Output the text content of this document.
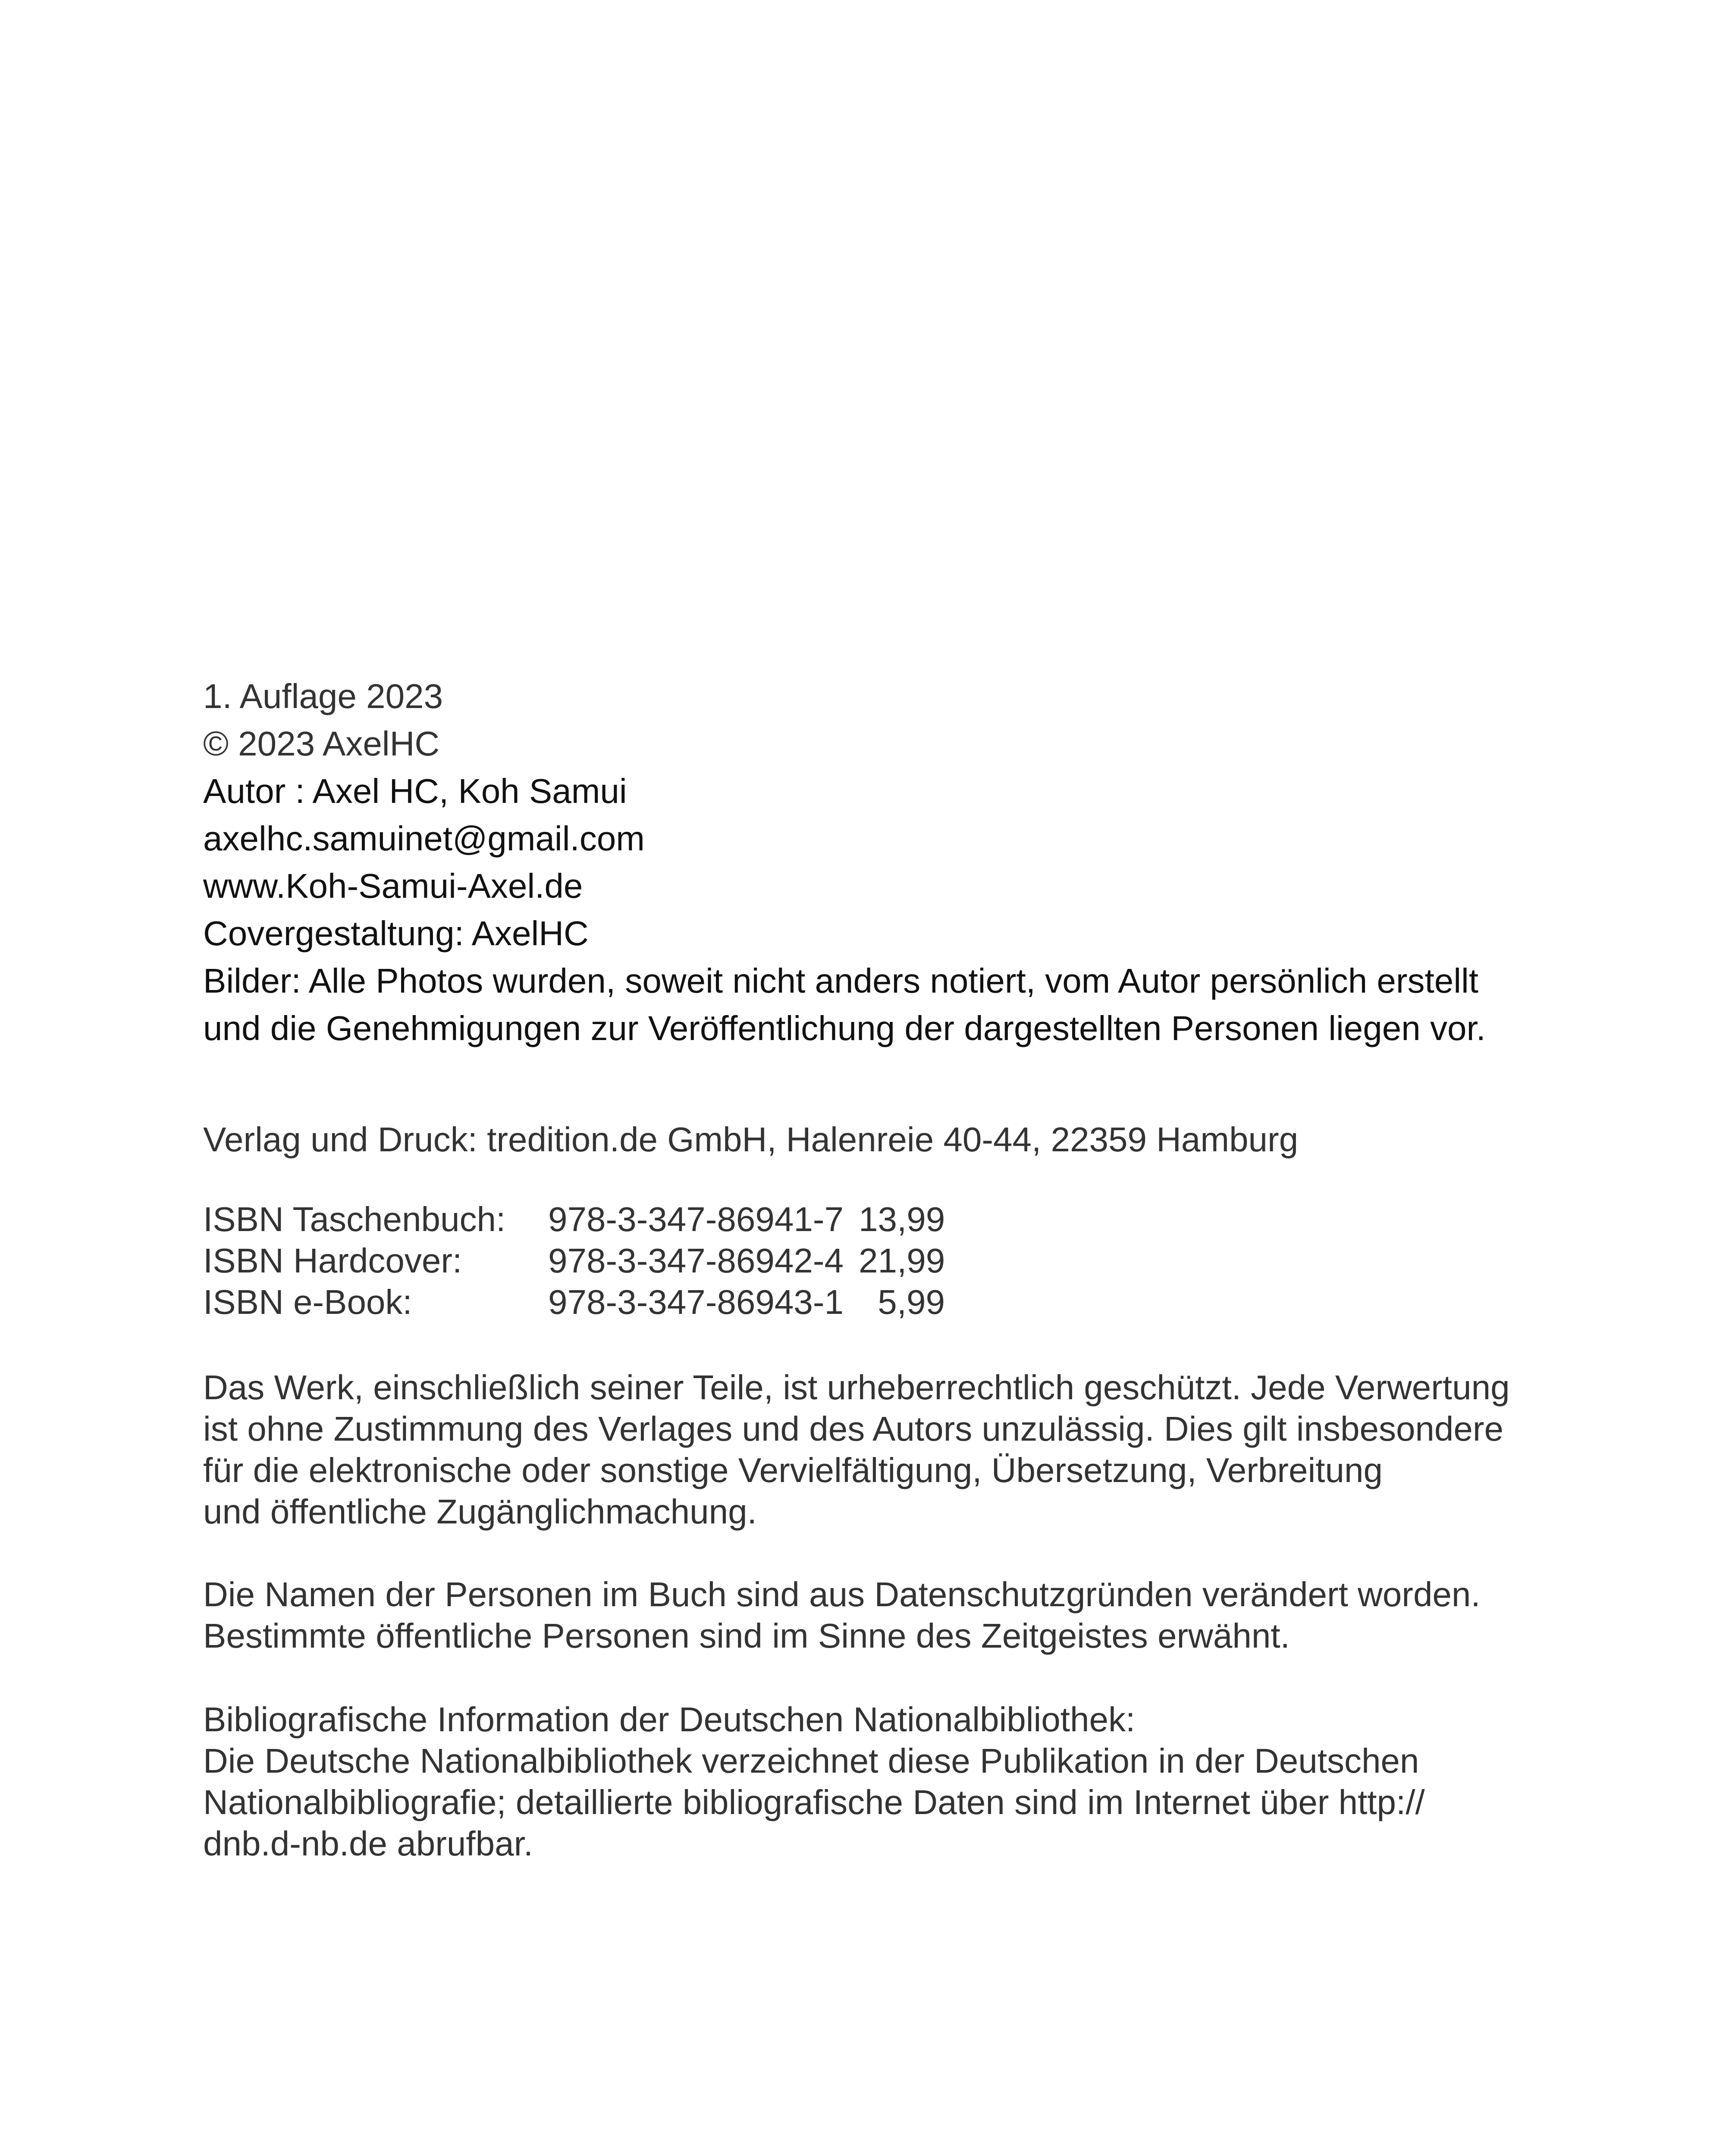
1. Auflage 2023
© 2023 AxelHC
Autor : Axel HC, Koh Samui
axelhc.samuinet@gmail.com
www.Koh-Samui-Axel.de
Covergestaltung: AxelHC
Bilder: Alle Photos wurden, soweit nicht anders notiert, vom Autor persönlich erstellt
und die Genehmigungen zur Veröffentlichung der dargestellten Personen liegen vor.
Verlag und Druck: tredition.de GmbH, Halenreie 40-44, 22359 Hamburg
ISBN Taschenbuch:	978-3-347-86941-7 13,99
ISBN Hardcover:	978-3-347-86942-4 21,99
ISBN e-Book:	978-3-347-86943-1 5,99
Das Werk, einschließlich seiner Teile, ist urheberrechtlich geschützt. Jede Verwertung
ist ohne Zustimmung des Verlages und des Autors unzulässig. Dies gilt insbesondere
für die elektronische oder sonstige Vervielfältigung, Übersetzung, Verbreitung
und öffentliche Zugänglichmachung.
Die Namen der Personen im Buch sind aus Datenschutzgründen verändert worden.
Bestimmte öffentliche Personen sind im Sinne des Zeitgeistes erwähnt.
Bibliografische Information der Deutschen Nationalbibliothek:
Die Deutsche Nationalbibliothek verzeichnet diese Publikation in der Deutschen
Nationalbibliografie; detaillierte bibliografische Daten sind im Internet über http://
dnb.d-nb.de abrufbar.
